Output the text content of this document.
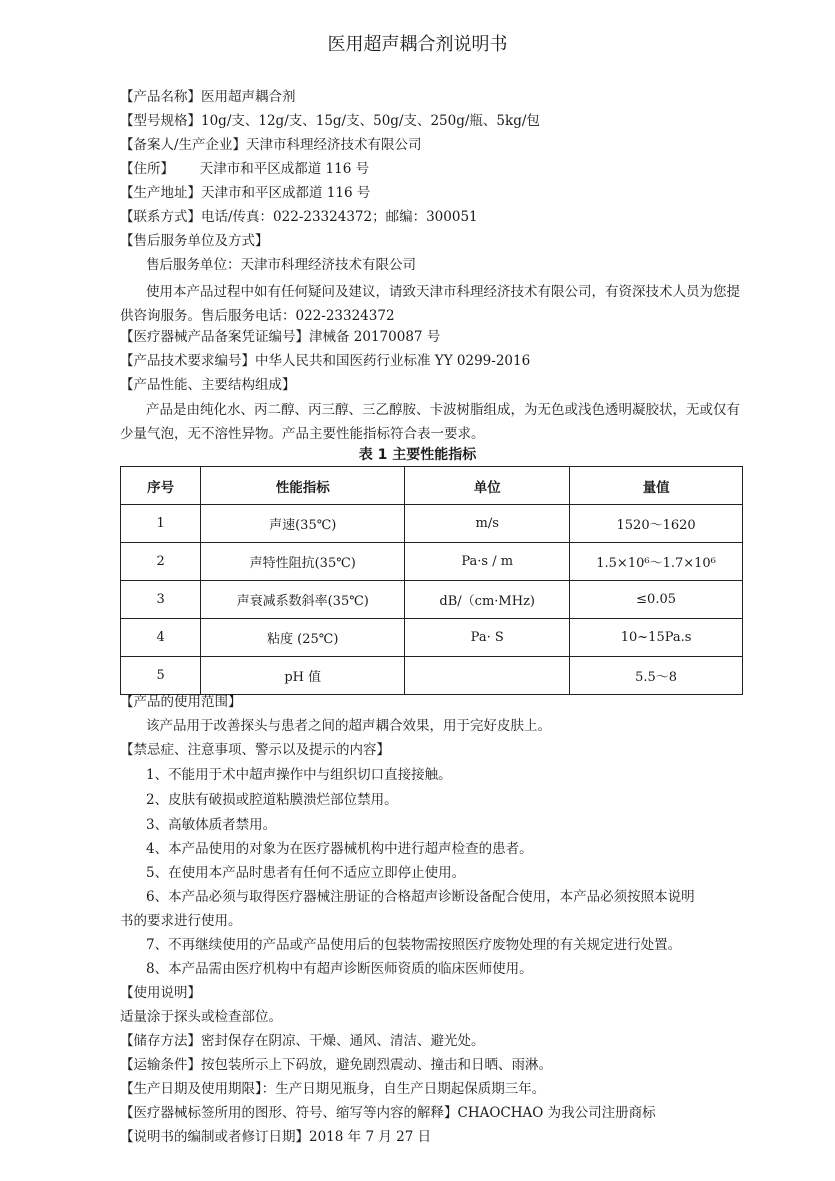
医用超声耦合剂说明书
【产品名称】医用超声耦合剂
【型号规格】10g/支、12g/支、15g/支、50g/支、250g/瓶、5kg/包
【备案人/生产企业】天津市科理经济技术有限公司
【住所】      天津市和平区成都道 116 号
【生产地址】天津市和平区成都道 116 号
【联系方式】电话/传真：022-23324372；邮编：300051
【售后服务单位及方式】
售后服务单位：天津市科理经济技术有限公司
使用本产品过程中如有任何疑问及建议，请致天津市科理经济技术有限公司，有资深技术人员为您提供咨询服务。售后服务电话：022-23324372
【医疗器械产品备案凭证编号】津械备 20170087 号
【产品技术要求编号】中华人民共和国医药行业标准 YY 0299-2016
【产品性能、主要结构组成】
产品是由纯化水、丙二醇、丙三醇、三乙醇胺、卡波树脂组成，为无色或浅色透明凝胶状，无或仅有少量气泡，无不溶性异物。产品主要性能指标符合表一要求。
表 1 主要性能指标
序号	性能指标	单位	量值
1	声速(35℃)	m/s	1520～1620
2	声特性阻抗(35℃)	Pa·s / m	1.5×10⁶～1.7×10⁶
3	声衰减系数斜率(35℃)	dB/（cm·MHz)	≤0.05
4	粘度 (25℃)	Pa· S	10~15Pa.s
5	pH 值		5.5～8
【产品的使用范围】
该产品用于改善探头与患者之间的超声耦合效果，用于完好皮肤上。
【禁忌症、注意事项、警示以及提示的内容】
1、不能用于术中超声操作中与组织切口直接接触。
2、皮肤有破损或腔道粘膜溃烂部位禁用。
3、高敏体质者禁用。
4、本产品使用的对象为在医疗器械机构中进行超声检查的患者。
5、在使用本产品时患者有任何不适应立即停止使用。
6、本产品必须与取得医疗器械注册证的合格超声诊断设备配合使用，本产品必须按照本说明
书的要求进行使用。
7、不再继续使用的产品或产品使用后的包装物需按照医疗废物处理的有关规定进行处置。
8、本产品需由医疗机构中有超声诊断医师资质的临床医师使用。
【使用说明】
适量涂于探头或检查部位。
【储存方法】密封保存在阴凉、干燥、通风、清洁、避光处。
【运输条件】按包装所示上下码放，避免剧烈震动、撞击和日晒、雨淋。
【生产日期及使用期限】：生产日期见瓶身，自生产日期起保质期三年。
【医疗器械标签所用的图形、符号、缩写等内容的解释】CHAOCHAO 为我公司注册商标
【说明书的编制或者修订日期】2018 年 7 月 27 日
